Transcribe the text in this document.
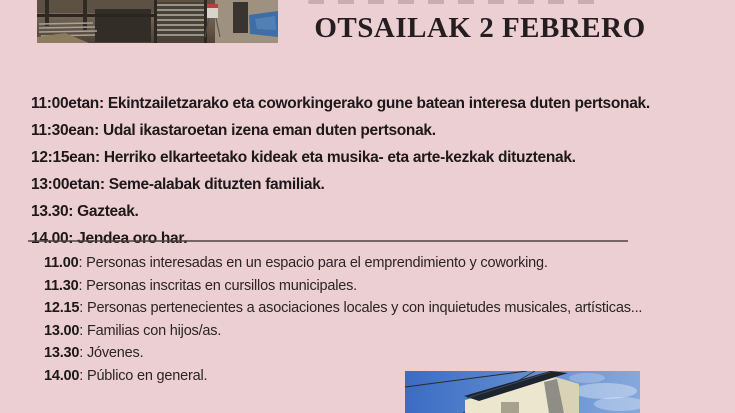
OTSAILAK 2 FEBRERO
11:00etan: Ekintzailetzarako eta coworkingerako gune batean interesa duten pertsonak.
11:30ean: Udal ikastaroetan izena eman duten pertsonak.
12:15ean: Herriko elkarteetako kideak eta musika- eta arte-kezkak dituztenak.
13:00etan: Seme-alabak dituzten familiak.
13.30: Gazteak.
14.00: Jendea oro har.
11.00: Personas interesadas en un espacio para el emprendimiento y coworking.
11.30: Personas inscritas en cursillos municipales.
12.15: Personas pertenecientes a asociaciones locales y con inquietudes musicales, artísticas...
13.00: Familias con hijos/as.
13.30: Jóvenes.
14.00: Público en general.
